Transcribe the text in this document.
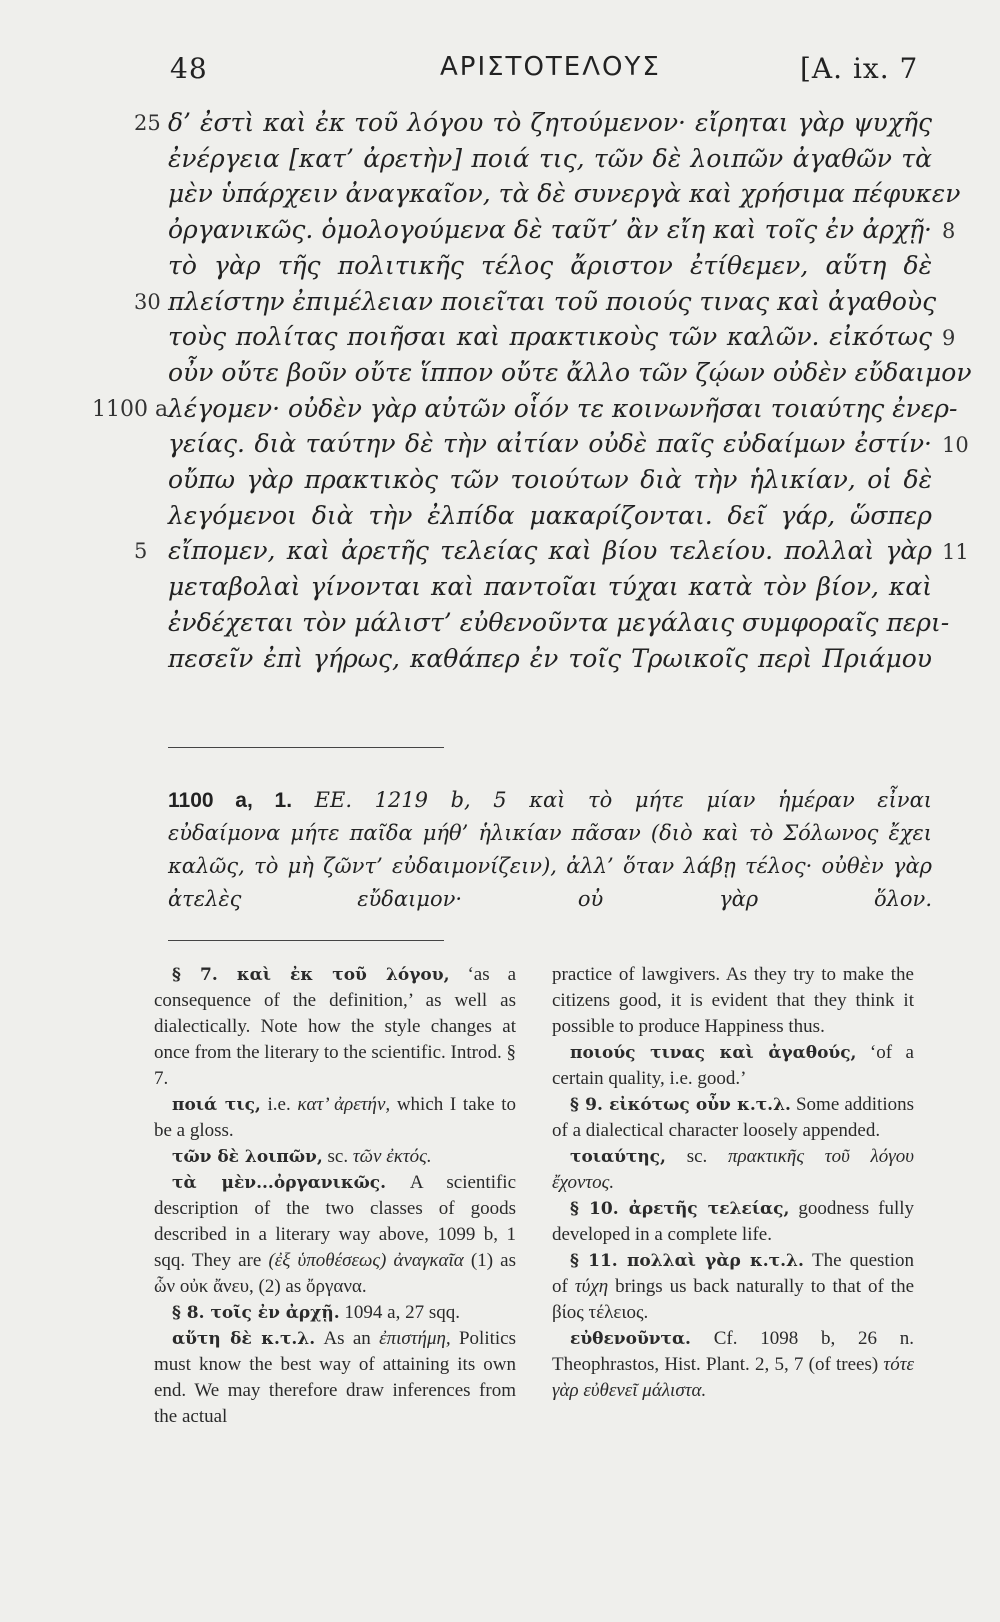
48	ΑΡΙΣΤΟΤΕΛΟΥΣ	[A. ix. 7
δ’ ἐστὶ καὶ ἐκ τοῦ λόγου τὸ ζητούμενον· εἴρηται γὰρ ψυχῆς
25
ἐνέργεια [κατ’ ἀρετὴν] ποιά τις, τῶν δὲ λοιπῶν ἀγαθῶν τὰ
μὲν ὑπάρχειν ἀναγκαῖον, τὰ δὲ συνεργὰ καὶ χρήσιμα πέφυκεν
ὀργανικῶς. ὁμολογούμενα δὲ ταῦτ’ ἂν εἴη καὶ τοῖς ἐν ἀρχῇ· 8
τὸ γὰρ τῆς πολιτικῆς τέλος ἄριστον ἐτίθεμεν, αὕτη δὲ
πλείστην ἐπιμέλειαν ποιεῖται τοῦ ποιούς τινας καὶ ἀγαθοὺς
30
τοὺς πολίτας ποιῆσαι καὶ πρακτικοὺς τῶν καλῶν. εἰκότως 9
οὖν οὔτε βοῦν οὔτε ἵππον οὔτε ἄλλο τῶν ζῴων οὐδὲν εὔδαιμον
λέγομεν· οὐδὲν γὰρ αὐτῶν οἷόν τε κοινωνῆσαι τοιαύτης ἐνερ-
1100 a
γείας. διὰ ταύτην δὲ τὴν αἰτίαν οὐδὲ παῖς εὐδαίμων ἐστίν· 10
οὔπω γὰρ πρακτικὸς τῶν τοιούτων διὰ τὴν ἡλικίαν, οἱ δὲ
λεγόμενοι διὰ τὴν ἐλπίδα μακαρίζονται. δεῖ γάρ, ὥσπερ
εἴπομεν, καὶ ἀρετῆς τελείας καὶ βίου τελείου. πολλαὶ γὰρ
5	11
μεταβολαὶ γίνονται καὶ παντοῖαι τύχαι κατὰ τὸν βίον, καὶ
ἐνδέχεται τὸν μάλιστ’ εὐθενοῦντα μεγάλαις συμφοραῖς περι-
πεσεῖν ἐπὶ γήρως, καθάπερ ἐν τοῖς Τρωικοῖς περὶ Πριάμου
1100 a, 1. EE. 1219 b, 5 καὶ τὸ μήτε μίαν ἡμέραν εἶναι
εὐδαίμονα μήτε παῖδα μήθ’ ἡλικίαν πᾶσαν (διὸ καὶ τὸ Σόλωνος ἔχει
καλῶς, τὸ μὴ ζῶντ’ εὐδαιμονίζειν), ἀλλ’ ὅταν λάβῃ τέλος· οὐθὲν γὰρ
ἀτελὲς εὔδαιμον· οὐ γὰρ ὅλον.

§ 7. καὶ ἐκ τοῦ λόγου, ‘as a consequence of the definition,’ as well as dialectically. Note how the style changes at once from the literary to the scientific. Introd. § 7.

ποιά τις, i.e. κατ’ ἀρετήν, which I take to be a gloss.

τῶν δὲ λοιπῶν, sc. τῶν ἐκτός.

τὰ μὲν...ὀργανικῶς. A scientific description of the two classes of goods described in a literary way above, 1099 b, 1 sqq. They are (ἐξ ὑποθέσεως) ἀναγκαῖα (1) as ὧν οὐκ ἄνευ, (2) as ὄργανα.

§ 8. τοῖς ἐν ἀρχῇ. 1094 a, 27 sqq.

αὕτη δὲ κ.τ.λ. As an ἐπιστήμη, Politics must know the best way of attaining its own end. We may therefore draw inferences from the actual

practice of lawgivers. As they try to make the citizens good, it is evident that they think it possible to produce Happiness thus.

ποιούς τινας καὶ ἀγαθούς, ‘of a certain quality, i.e. good.’

§ 9. εἰκότως οὖν κ.τ.λ. Some additions of a dialectical character loosely appended.

τοιαύτης, sc. πρακτικῆς τοῦ λόγου ἔχοντος.

§ 10. ἀρετῆς τελείας, goodness fully developed in a complete life.

§ 11. πολλαὶ γὰρ κ.τ.λ. The question of τύχη brings us back naturally to that of the βίος τέλειος.

εὐθενοῦντα. Cf. 1098 b, 26 n. Theophrastos, Hist. Plant. 2, 5, 7 (of trees) τότε γὰρ εὐθενεῖ μάλιστα.
